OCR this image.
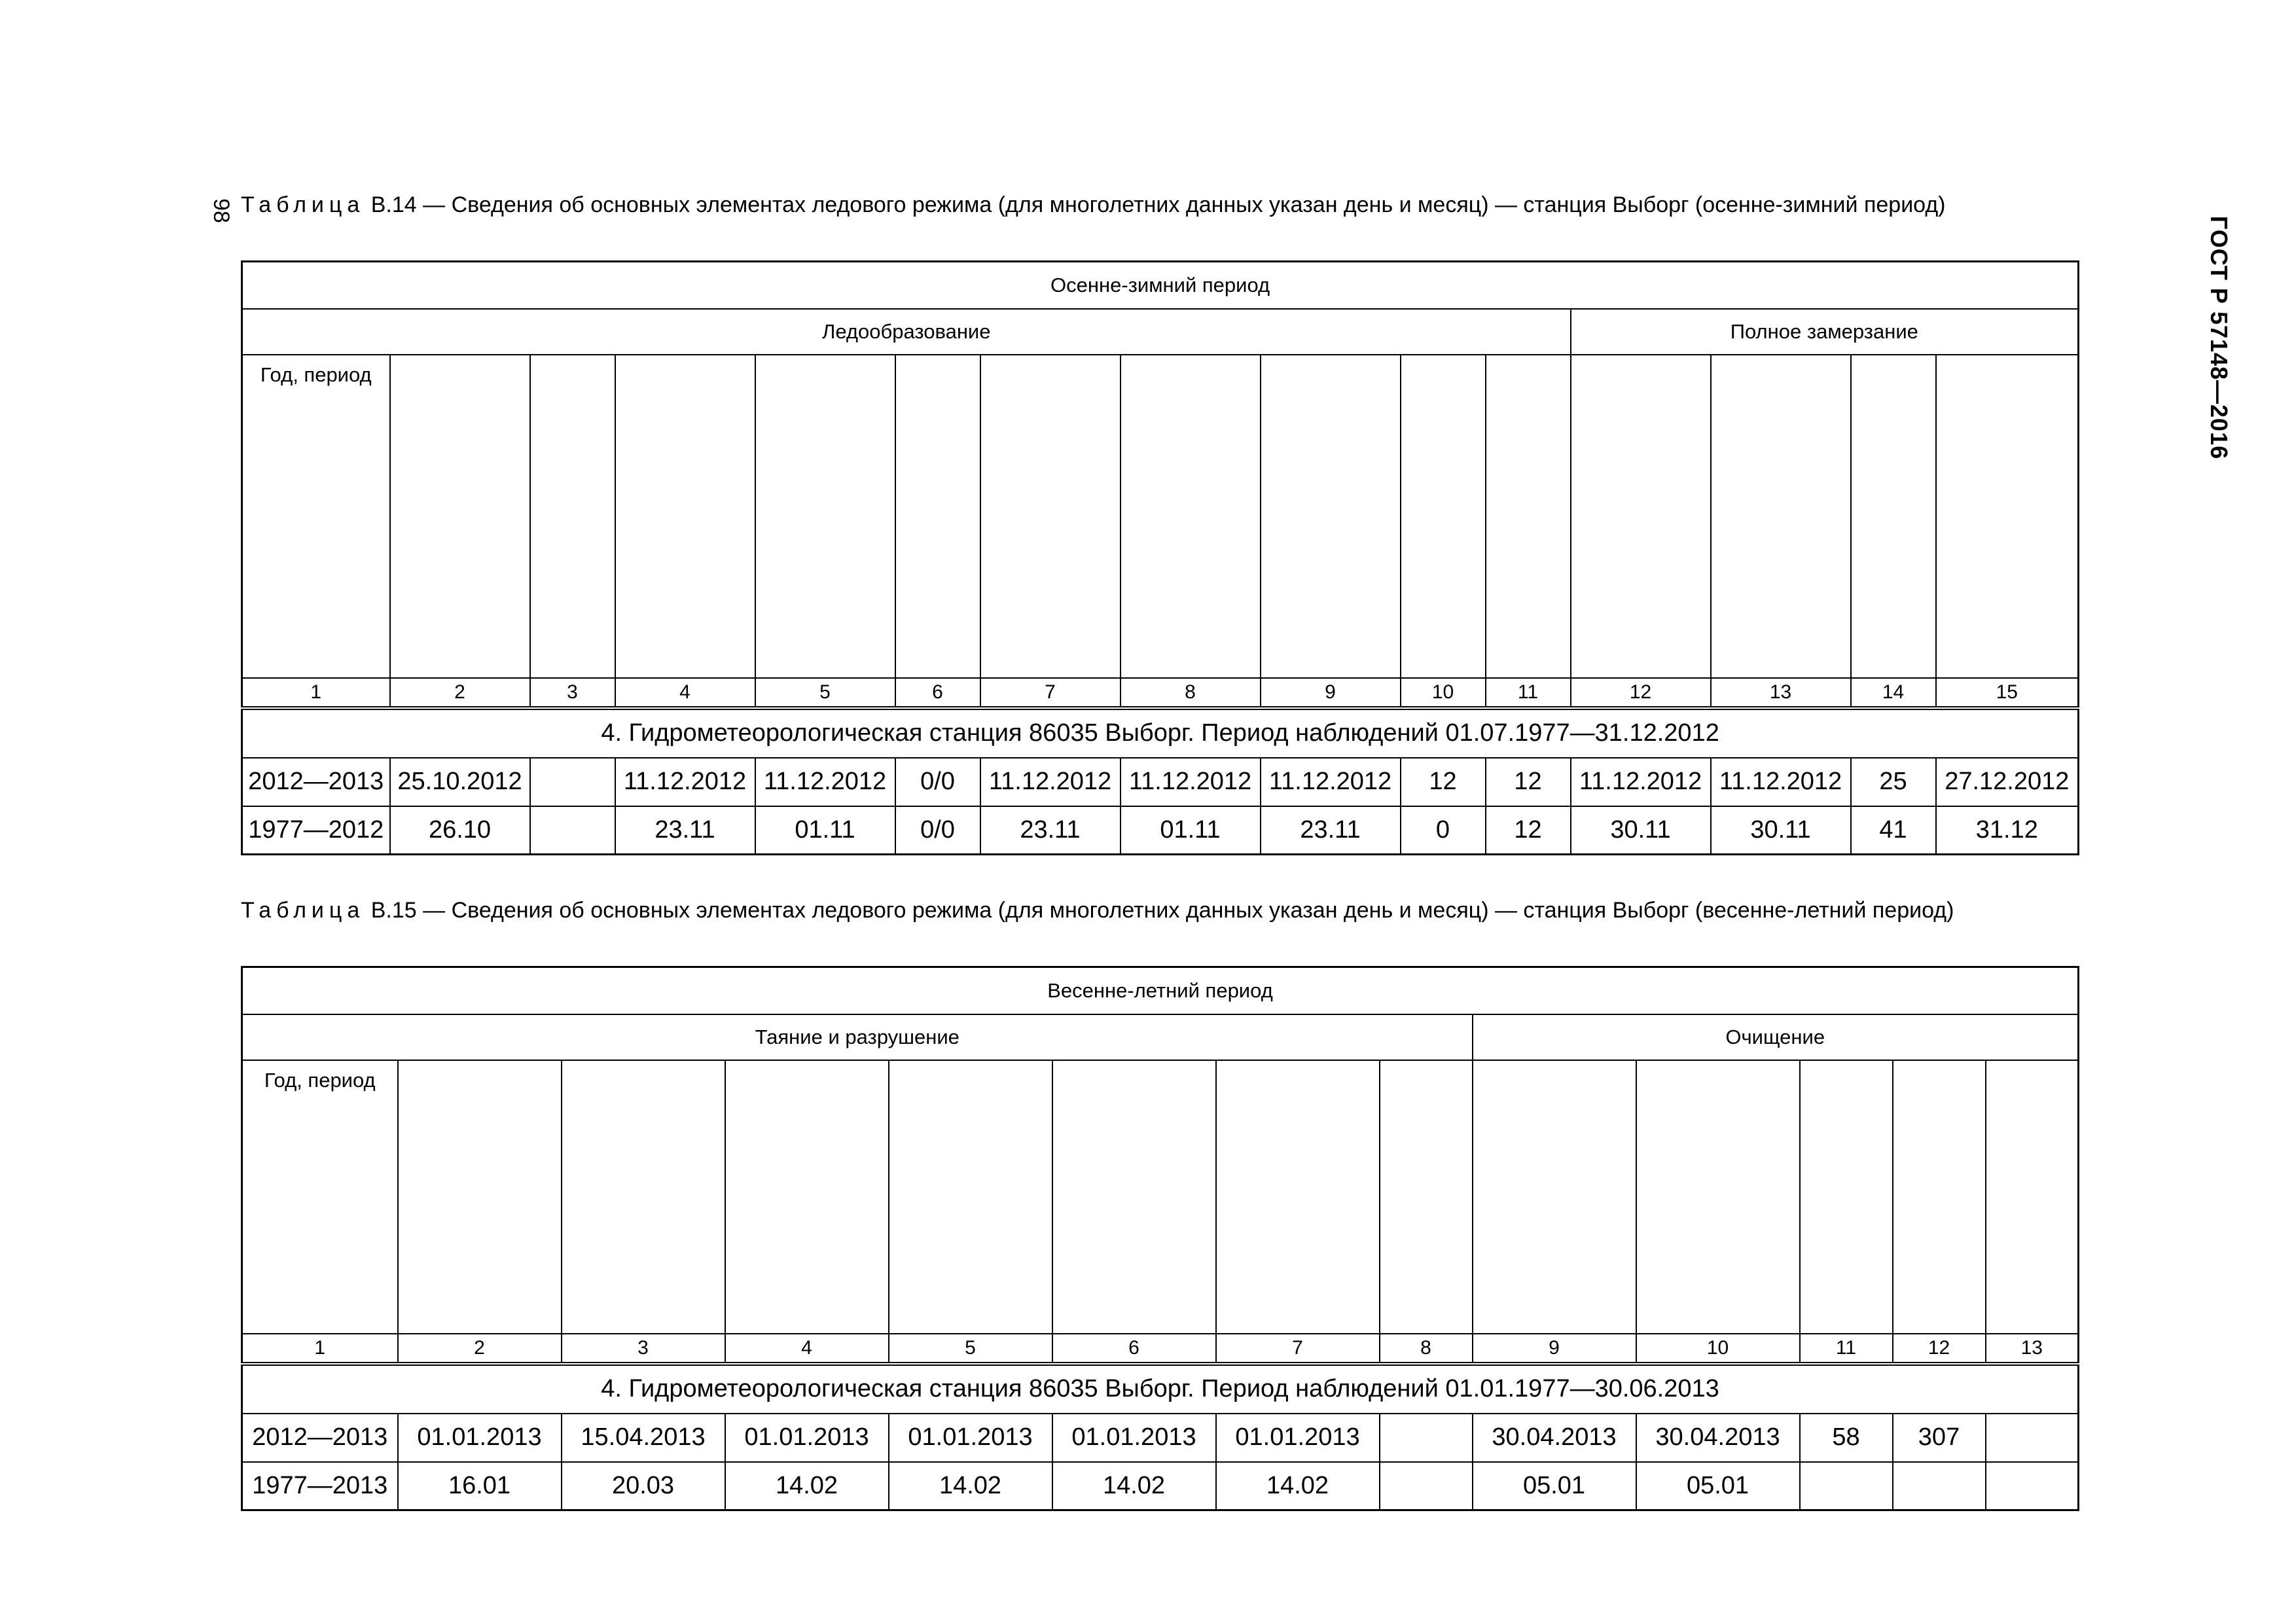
98
ГОСТ Р 57148—2016
Таблица В.14 — Сведения об основных элементах ледового режима (для многолетних данных указан день и месяц) — станция Выборг (осенне-зимний период)
Осенне-зимний период														
Ледообразование											Полное замерзание			
Год, период	

1	2	3	4	5	6	7	8	9	10	11	12	13	14	15
4. Гидрометеорологическая станция 86035 Выборг. Период наблюдений 01.07.1977—31.12.2012														
2012—2013	25.10.2012		11.12.2012	11.12.2012	0/0	11.12.2012	11.12.2012	11.12.2012	12	12	11.12.2012	11.12.2012	25	27.12.2012
1977—2012	26.10		23.11	01.11	0/0	23.11	01.11	23.11	0	12	30.11	30.11	41	31.12
Таблица В.15 — Сведения об основных элементах ледового режима (для многолетних данных указан день и месяц) — станция Выборг (весенне-летний период)
Весенне-летний период												
Таяние и разрушение								Очищение				
Год, период	

1	2	3	4	5	6	7	8	9	10	11	12	13
4. Гидрометеорологическая станция 86035 Выборг. Период наблюдений 01.01.1977—30.06.2013												
2012—2013	01.01.2013	15.04.2013	01.01.2013	01.01.2013	01.01.2013	01.01.2013		30.04.2013	30.04.2013	58	307	
1977—2013	16.01	20.03	14.02	14.02	14.02	14.02		05.01	05.01			
